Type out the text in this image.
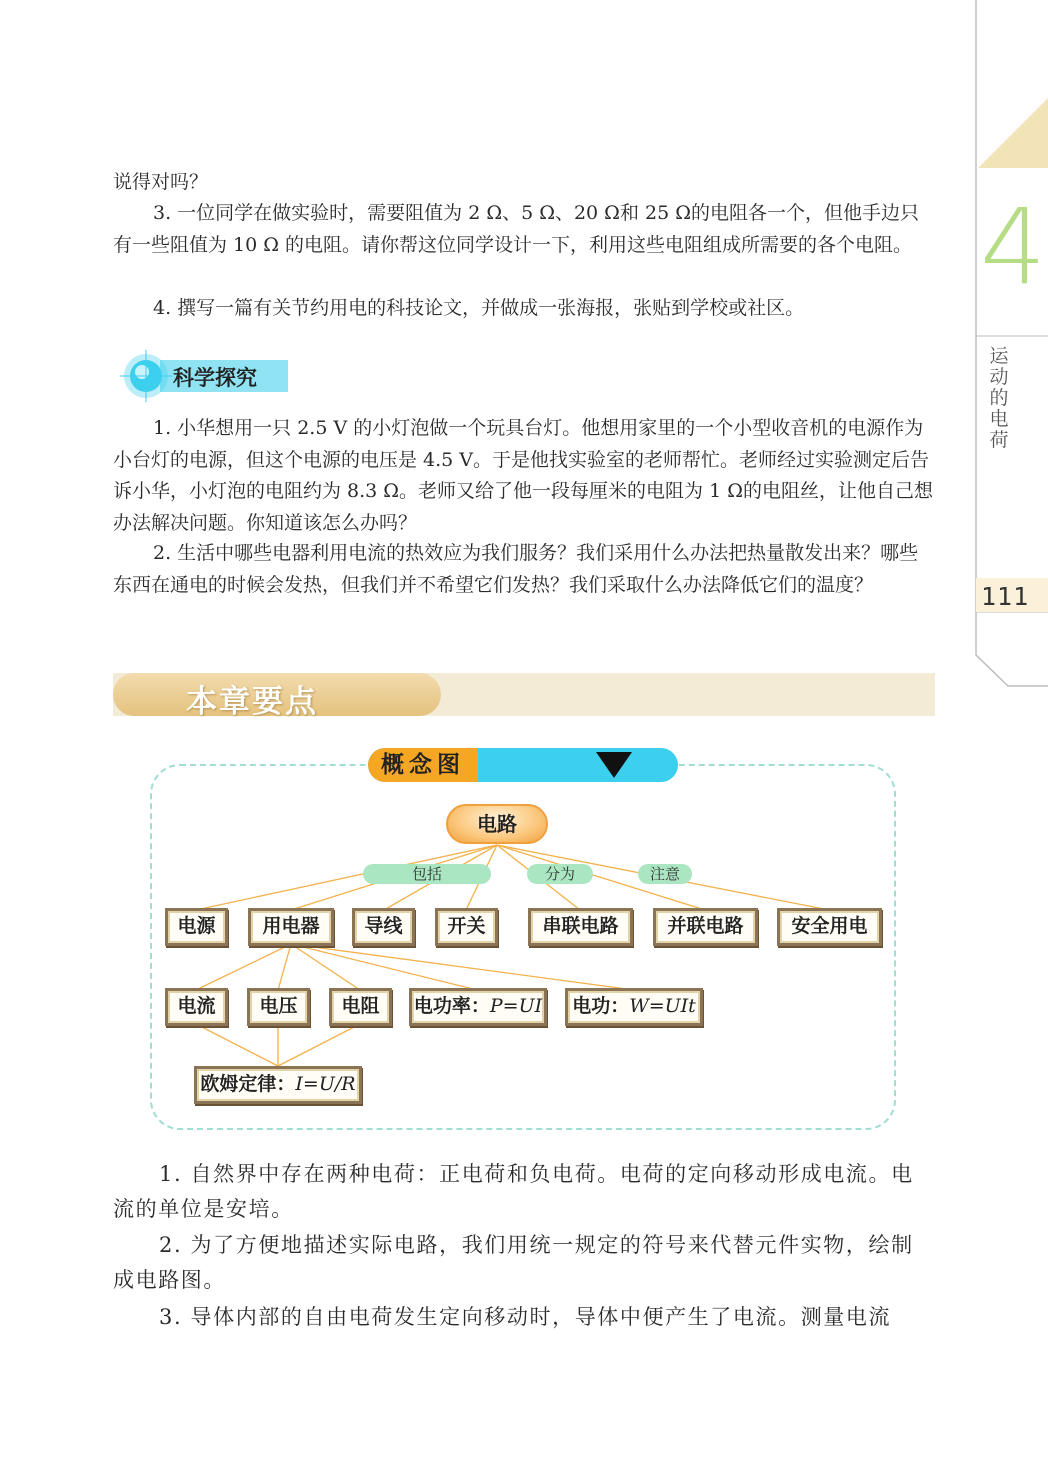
4
运动的电荷
111

说得对吗？

3. 一位同学在做实验时，需要阻值为 2 Ω、5 Ω、20 Ω和 25 Ω的电阻各一个，但他手边只有一些阻值为 10 Ω 的电阻。请你帮这位同学设计一下，利用这些电阻组成所需要的各个电阻。

4. 撰写一篇有关节约用电的科技论文，并做成一张海报，张贴到学校或社区。

科学探究

1. 小华想用一只 2.5 V 的小灯泡做一个玩具台灯。他想用家里的一个小型收音机的电源作为小台灯的电源，但这个电源的电压是 4.5 V。于是他找实验室的老师帮忙。老师经过实验测定后告诉小华，小灯泡的电阻约为 8.3 Ω。老师又给了他一段每厘米的电阻为 1 Ω的电阻丝，让他自己想办法解决问题。你知道该怎么办吗？

2. 生活中哪些电器利用电流的热效应为我们服务？我们采用什么办法把热量散发出来？哪些东西在通电的时候会发热，但我们并不希望它们发热？我们采取什么办法降低它们的温度？

本章要点
概念图
电路
包括	分为	注意
电源	用电器	导线	开关	串联电路	并联电路	安全用电
电流	电压	电阻	电功率：P=UI	电功：W=UIt
欧姆定律：I=U/R

1. 自然界中存在两种电荷：正电荷和负电荷。电荷的定向移动形成电流。电流的单位是安培。

2. 为了方便地描述实际电路，我们用统一规定的符号来代替元件实物，绘制成电路图。

3. 导体内部的自由电荷发生定向移动时，导体中便产生了电流。测量电流
